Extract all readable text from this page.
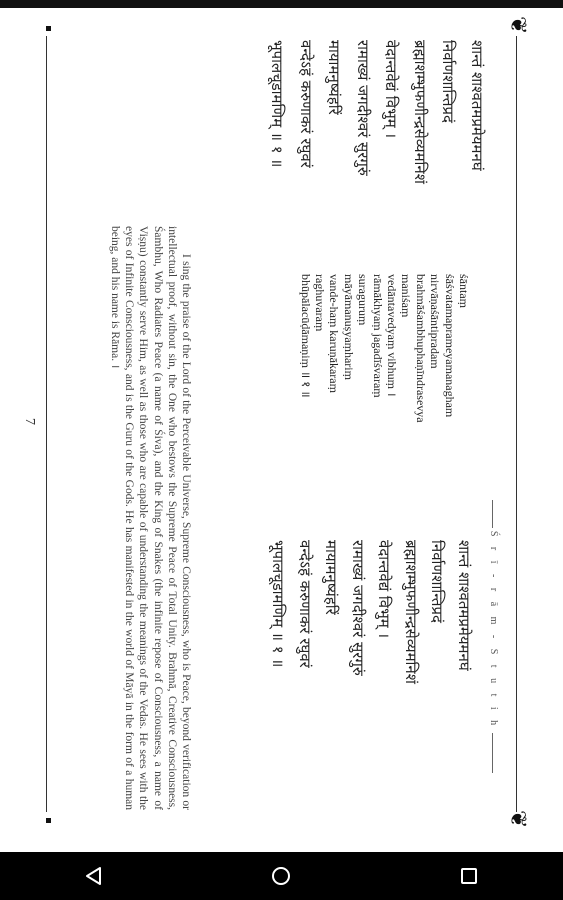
❦
❦
Ś r ī - r ā m - S t u t i h
शान्तं शाश्वतमप्रमेयमनघं
निर्वाणशान्तिप्रदं
ब्रह्माशम्भुफणीन्द्रसेव्यमनिशं
वेदान्तवेद्यं विभुम् ।
रामाख्यं जगदीश्वरं सुरगुरुं
मायामनुष्यंहरिं
वन्देऽहं करुणाकरं रघुवरं
भूपालचूडामणिम् ॥ १ ॥
śāntaṃ
śāśvatamaprameyamanagham
nirvāṇaśāntipradam
brahmāśambhuphaṇīndrasevya
maniśaṃ
vedāntavedyaṃ vibhuṃ ।
rāmākhyaṃ jagadīśvaraṃ
suraguruṃ
māyāmanuṣyaṃhariṃ
vande-haṃ karuṇākaraṃ
raghuvaraṃ
bhūpālacūḍāmaṇiṃ ॥ १ ॥
शान्तं शाश्वतमप्रमेयमनघं
निर्वाणशान्तिप्रदं
ब्रह्माशम्भुफणीन्द्रसेव्यमनिशं
वेदान्तवेद्यं विभुम् ।
रामाख्यं जगदीश्वरं सुरगुरुं
मायामनुष्यंहरिं
वन्देऽहं करुणाकरं रघुवरं
भूपालचूडामणिम् ॥ १ ॥
I sing the praise of the Lord of the Perceivable Universe, Supreme Consciousness, who is Peace, beyond verification or intellectual proof, without sin, the One who bestows the Supreme Peace of Total Unity. Brahmā, Creative Consciousness, Śambhu, Who Radiates Peace (a name of Śiva), and the King of Snakes (the infinite repose of Consciousness, a name of Viṣṇu) constantly serve Him, as well as those who are capable of understanding the meanings of the Vedas. He sees with the eyes of Infinite Consciousness, and is the Guru of the Gods. He has manifested in the world of Māyā in the form of a human being, and his name is Rāma. ।
7
